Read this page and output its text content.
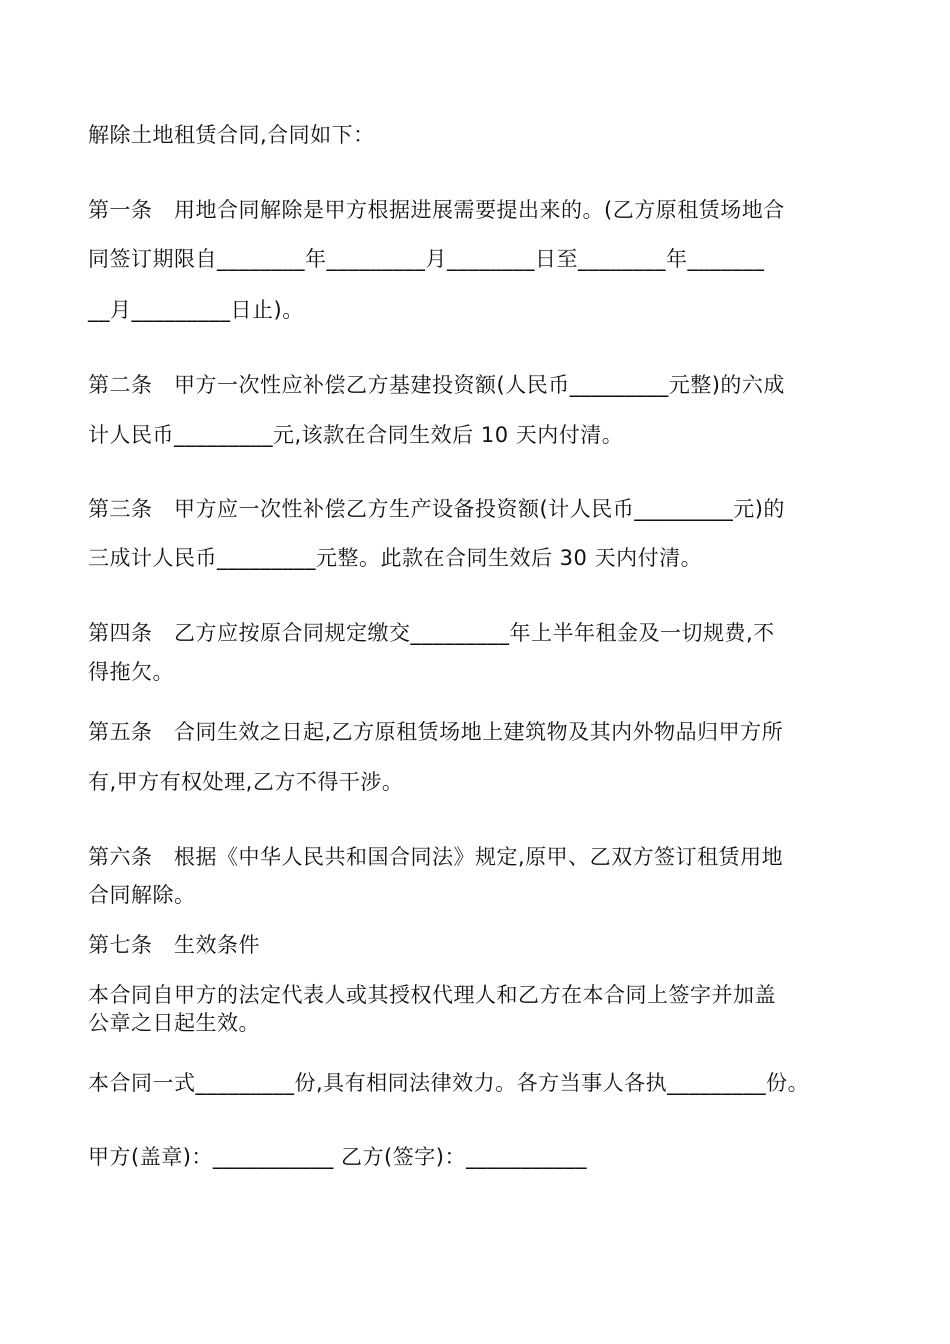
解除土地租赁合同,合同如下：
第一条　用地合同解除是甲方根据进展需要提出来的。(乙方原租赁场地合
同签订期限自________年_________月________日至________年_______
__月_________日止)。
第二条　甲方一次性应补偿乙方基建投资额(人民币_________元整)的六成
计人民币_________元,该款在合同生效后 10 天内付清。
第三条　甲方应一次性补偿乙方生产设备投资额(计人民币_________元)的
三成计人民币_________元整。此款在合同生效后 30 天内付清。
第四条　乙方应按原合同规定缴交_________年上半年租金及一切规费,不
得拖欠。
第五条　合同生效之日起,乙方原租赁场地上建筑物及其内外物品归甲方所
有,甲方有权处理,乙方不得干涉。
第六条　根据《中华人民共和国合同法》规定,原甲、乙双方签订租赁用地
合同解除。
第七条　生效条件
本合同自甲方的法定代表人或其授权代理人和乙方在本合同上签字并加盖
公章之日起生效。
本合同一式_________份,具有相同法律效力。各方当事人各执_________份。
甲方(盖章)：___________ 乙方(签字)：___________
